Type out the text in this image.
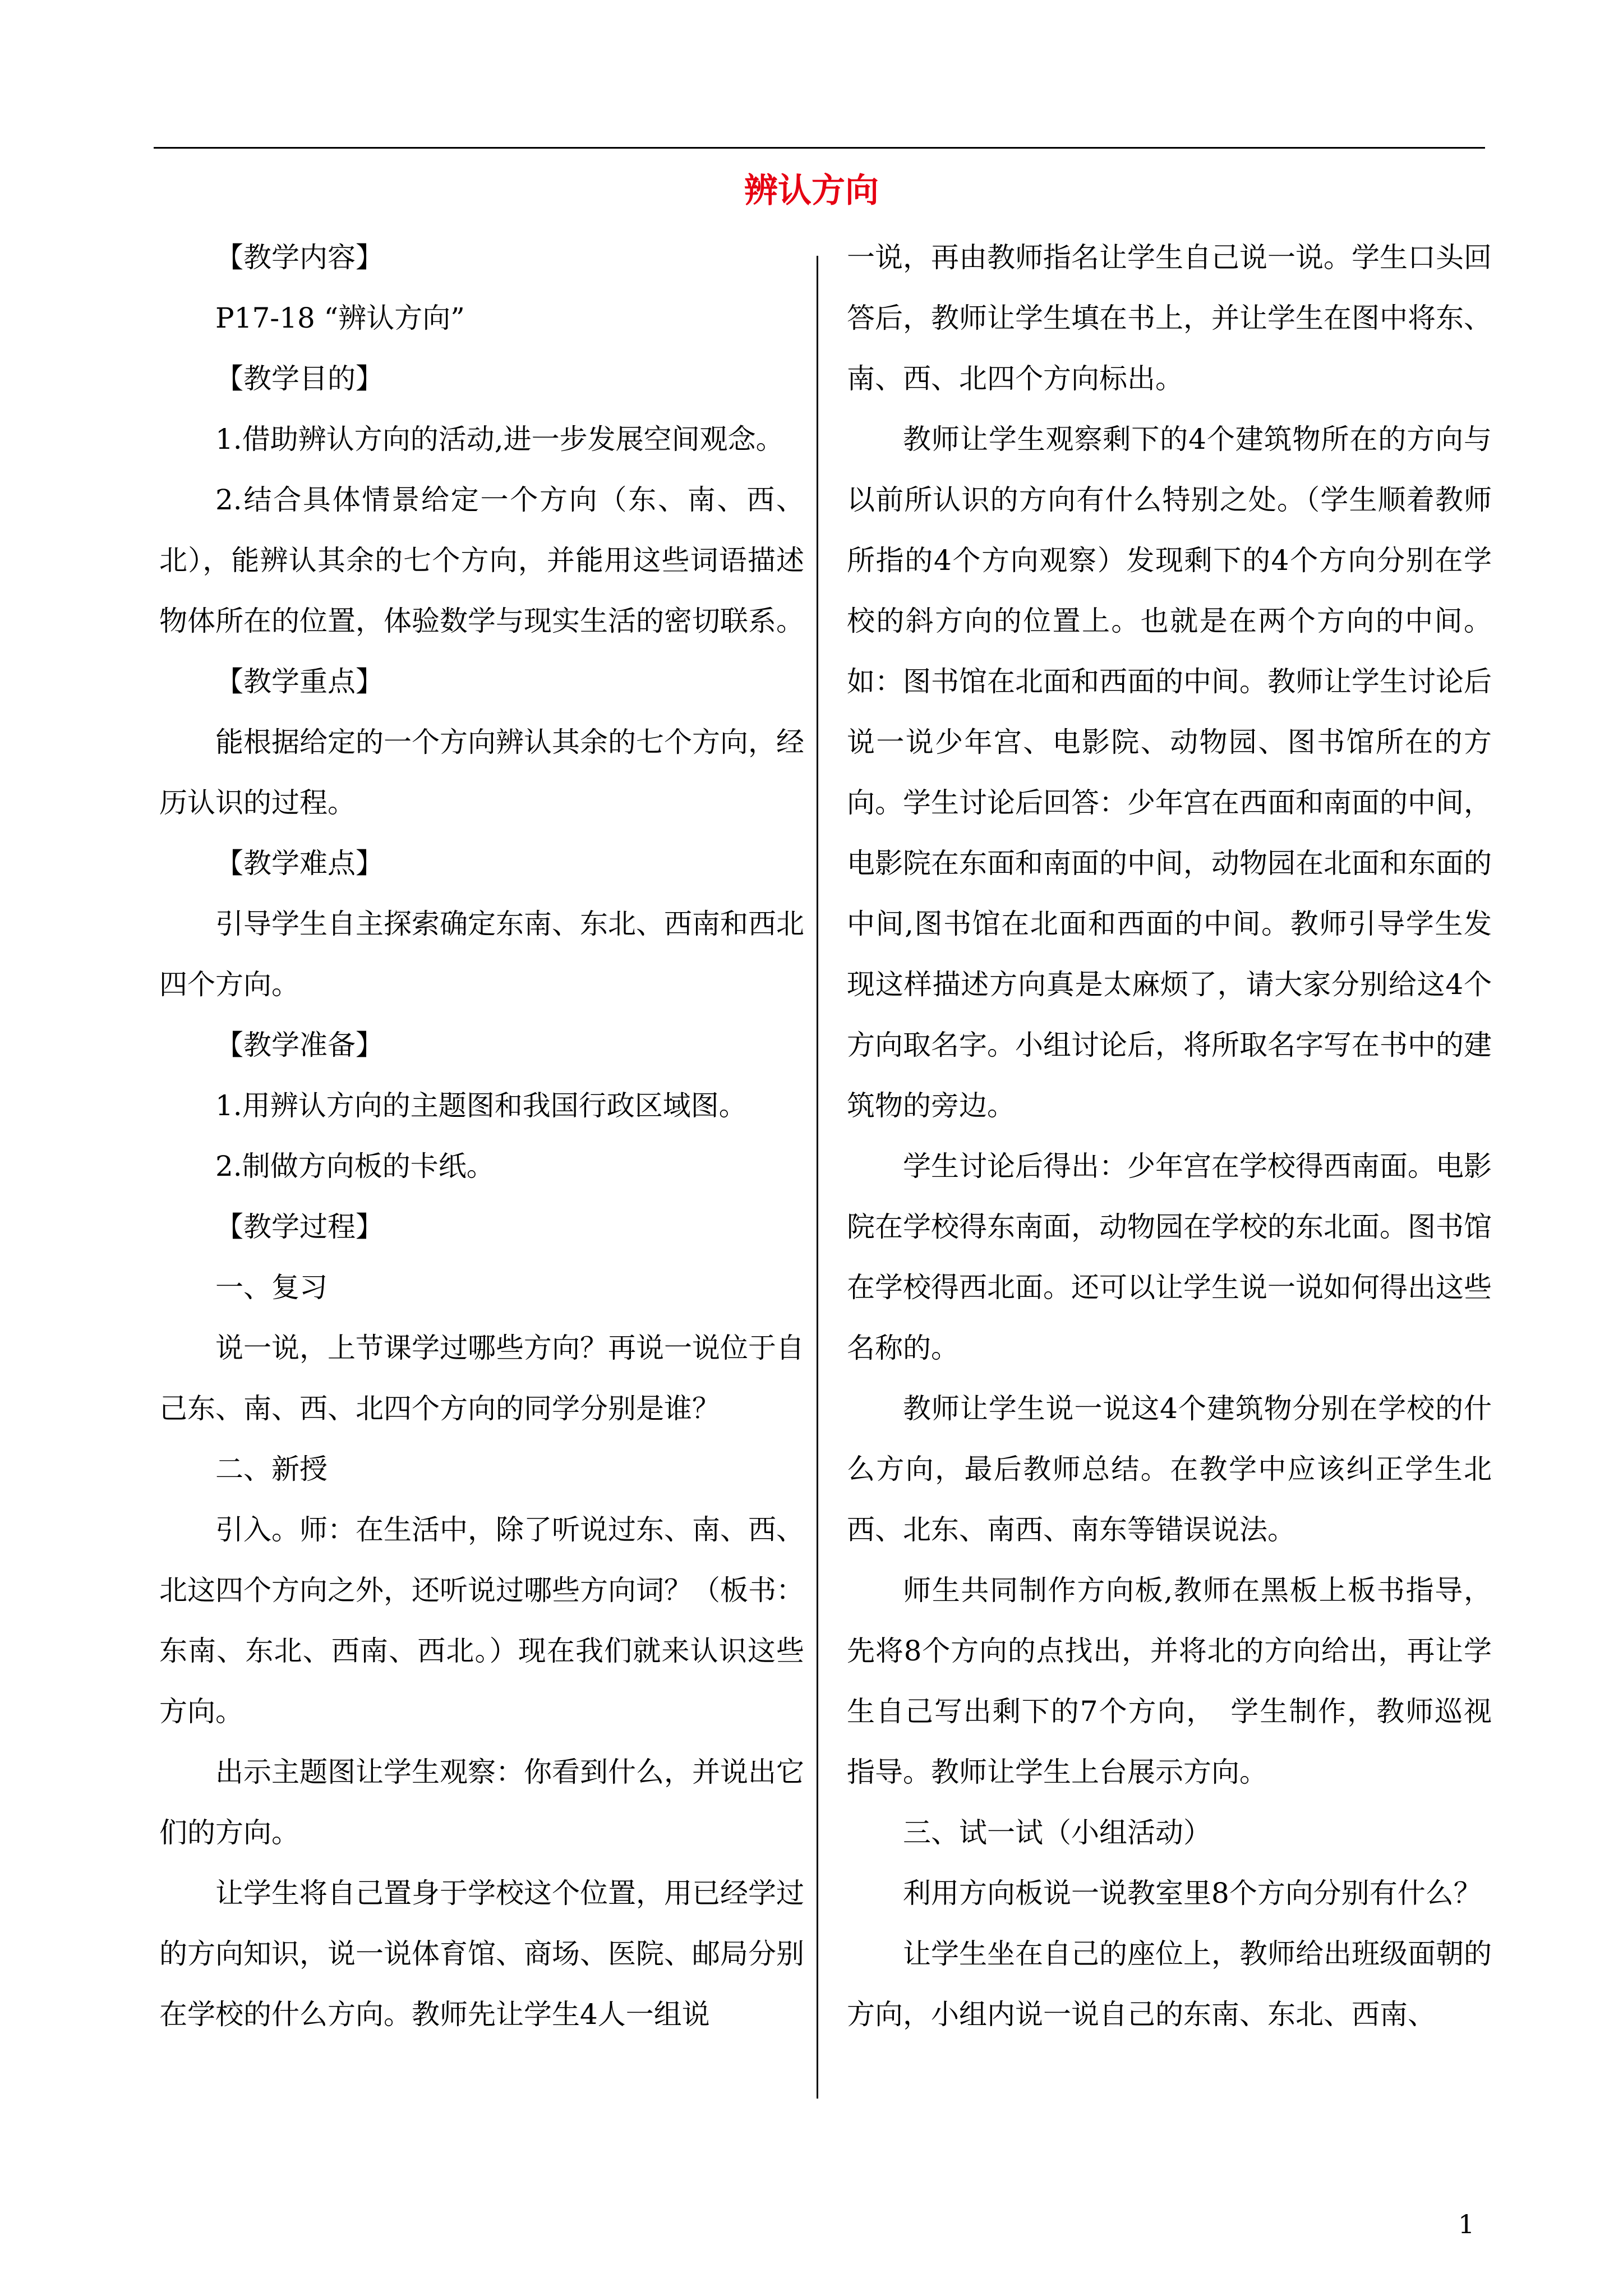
辨认方向

【教学内容】

P17-18 “辨认方向”

【教学目的】

1.借助辨认方向的活动,进一步发展空间观念。

2.结合具体情景给定一个方向（东、南、西、北），能辨认其余的七个方向，并能用这些词语描述物体所在的位置，体验数学与现实生活的密切联系。

【教学重点】

能根据给定的一个方向辨认其余的七个方向，经历认识的过程。

【教学难点】

引导学生自主探索确定东南、东北、西南和西北四个方向。

【教学准备】

1.用辨认方向的主题图和我国行政区域图。

2.制做方向板的卡纸。

【教学过程】

一、复习

说一说，上节课学过哪些方向？再说一说位于自己东、南、西、北四个方向的同学分别是谁？

二、新授

引入。师：在生活中，除了听说过东、南、西、北这四个方向之外，还听说过哪些方向词？（板书：东南、东北、西南、西北。）现在我们就来认识这些方向。

出示主题图让学生观察：你看到什么，并说出它们的方向。

让学生将自己置身于学校这个位置，用已经学过的方向知识，说一说体育馆、商场、医院、邮局分别在学校的什么方向。教师先让学生4人一组说

一说，再由教师指名让学生自己说一说。学生口头回答后，教师让学生填在书上，并让学生在图中将东、南、西、北四个方向标出。

教师让学生观察剩下的4个建筑物所在的方向与以前所认识的方向有什么特别之处。（学生顺着教师所指的4个方向观察）发现剩下的4个方向分别在学校的斜方向的位置上。也就是在两个方向的中间。如：图书馆在北面和西面的中间。教师让学生讨论后说一说少年宫、电影院、动物园、图书馆所在的方向。学生讨论后回答：少年宫在西面和南面的中间，电影院在东面和南面的中间，动物园在北面和东面的中间,图书馆在北面和西面的中间。教师引导学生发现这样描述方向真是太麻烦了，请大家分别给这4个方向取名字。小组讨论后，将所取名字写在书中的建筑物的旁边。

学生讨论后得出：少年宫在学校得西南面。电影院在学校得东南面，动物园在学校的东北面。图书馆在学校得西北面。还可以让学生说一说如何得出这些名称的。

教师让学生说一说这4个建筑物分别在学校的什么方向，最后教师总结。在教学中应该纠正学生北西、北东、南西、南东等错误说法。

师生共同制作方向板,教师在黑板上板书指导，先将8个方向的点找出，并将北的方向给出，再让学生自己写出剩下的7个方向，　学生制作，教师巡视指导。教师让学生上台展示方向。

三、试一试（小组活动）

利用方向板说一说教室里8个方向分别有什么？

让学生坐在自己的座位上，教师给出班级面朝的方向，小组内说一说自己的东南、东北、西南、

1
